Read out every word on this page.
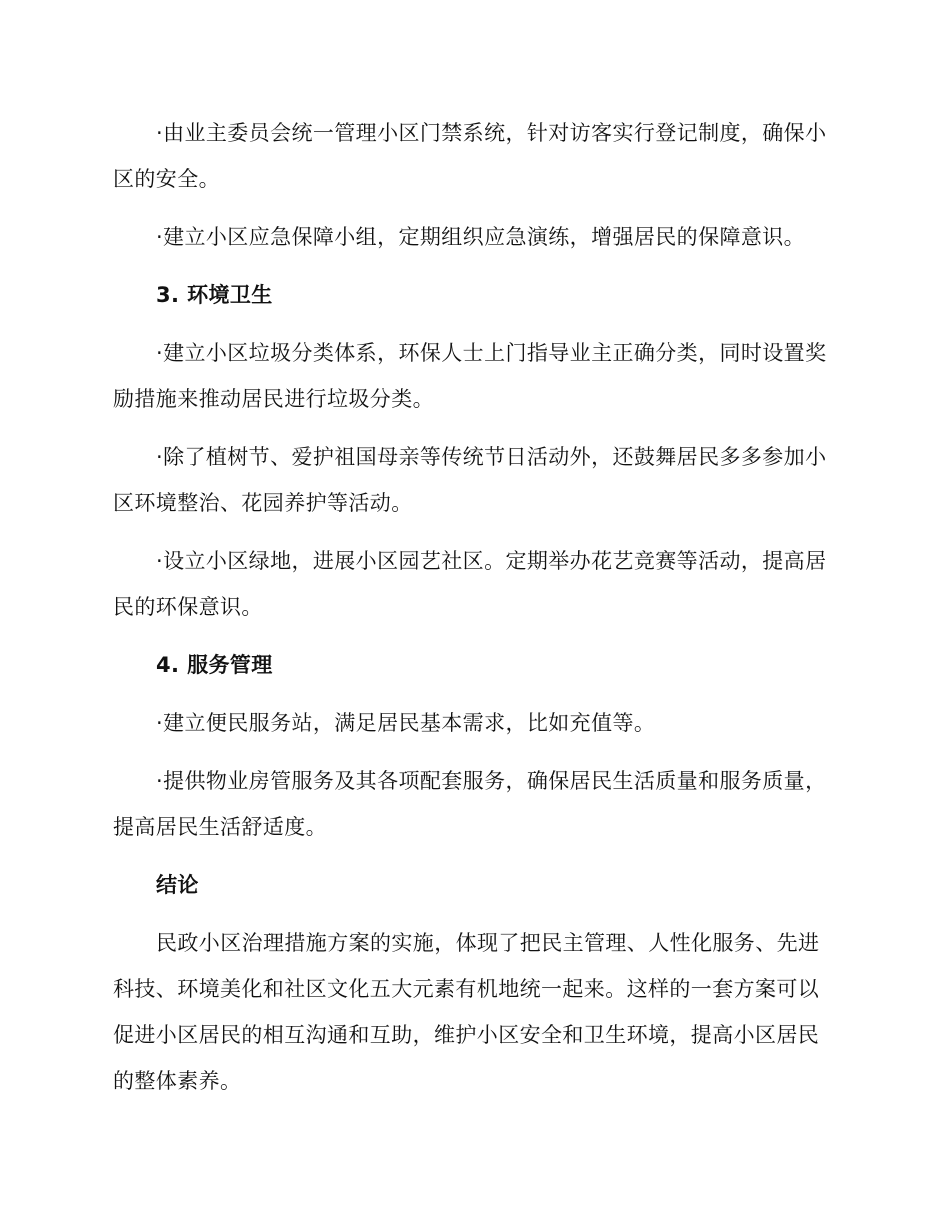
·由业主委员会统一管理小区门禁系统，针对访客实行登记制度，确保小区的安全。

·建立小区应急保障小组，定期组织应急演练，增强居民的保障意识。

3. 环境卫生

·建立小区垃圾分类体系，环保人士上门指导业主正确分类，同时设置奖励措施来推动居民进行垃圾分类。

·除了植树节、爱护祖国母亲等传统节日活动外，还鼓舞居民多多参加小区环境整治、花园养护等活动。

·设立小区绿地，进展小区园艺社区。定期举办花艺竞赛等活动，提高居民的环保意识。

4. 服务管理

·建立便民服务站，满足居民基本需求，比如充值等。

·提供物业房管服务及其各项配套服务，确保居民生活质量和服务质量，提高居民生活舒适度。

结论

民政小区治理措施方案的实施，体现了把民主管理、人性化服务、先进科技、环境美化和社区文化五大元素有机地统一起来。这样的一套方案可以促进小区居民的相互沟通和互助，维护小区安全和卫生环境，提高小区居民的整体素养。
